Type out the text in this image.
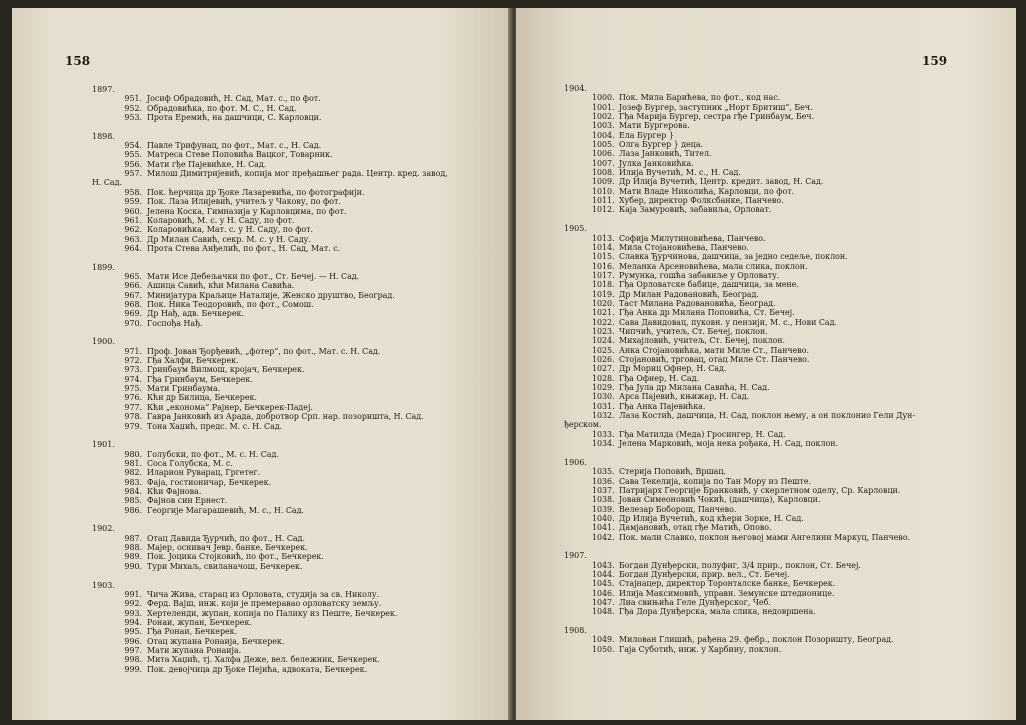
158
1897.
951. Јосиф Обрадовић, Н. Сад, Мат. с., по фот.
952. Обрадовићка, по фот. М. С., Н. Сад.
953. Прота Еремић, на дашчици, С. Карловци.
1898.
954. Павле Трифунац, по фот., Мат. с., Н. Сад.
955. Матреса Стеве Поповића Вацког, Товарник.
956. Мати гђе Пајевићке, Н. Сад.
957. Милош Димитријевић, копија мог пређашњег рада. Центр. кред. завод,
Н. Сад.
958. Пок. ћерчица др Ђоке Лазаревића, по фотографији.
959. Пок. Лаза Илијевић, учитељ у Чакову, по фот.
960. Јелена Коска, Гимназија у Карловцима, по фот.
961. Коларовић, М. с. у Н. Саду, по фот.
962. Коларовићка, Мат. с. у Н. Саду, по фот.
963. Др Милан Савић, секр. М. с. у Н. Саду.
964. Прота Стева Анђелић, по фот., Н. Сад, Мат. с.
1899.
965. Мати Исе Дебељачки по фот., Ст. Бечеј. — Н. Сад.
966. Ашица Савић, кћи Милана Савића.
967. Минијатура Краљице Наталије, Женско друштво, Београд.
968. Пок. Ника Теодоровић, по фот., Сомош.
969. Др Нађ, адв. Бечкерек.
970. Госпођа Нађ.
1900.
971. Проф. Јован Ђорђевић, „фотер“, по фот., Мат. с. Н. Сад.
972. Гђа Халфи, Бечкерек.
973. Гринбаум Вилмош, кројач, Бечкерек.
974. Гђа Гринбаум, Бечкерек.
975. Мати Гринбаума.
976. Кћи др Билица, Бечкерек.
977. Кћи „економа“ Рајнер, Бечкерек-Падеј.
978. Гавра Јанковић из Арада, добротвор Срп. нар. позоришта, Н. Сад.
979. Тона Хаџић, предс. М. с. Н. Сад.
1901.
980. Голубски, по фот., М. с. Н. Сад.
981. Соса Голубска, М. с.
982. Иларион Руварац, Гргетег.
983. Фаја, гостионичар, Бечкерек.
984. Кћи Фајнова.
985. Фајнов син Ернест.
986. Георгије Магарашевић, М. с., Н. Сад.
1902.
987. Отац Давида Ђурчић, по фот., Н. Сад.
988. Мајер, оснивач Јевр. банке, Бечкерек.
989. Пок. Јоцика Стојковић, по фот., Бечкерек.
990. Тури Михаљ, свиланачош, Бечкерек.
1903.
991. Чича Жива, старац из Орловата, студија за св. Николу.
992. Ферд. Вајш, инж. који је премеравао орловатску земљу.
993. Хертеленди, жупан, копија по Палику из Пеште, Бечкерек.
994. Ронаи, жупан, Бечкерек.
995. Гђа Ронаи, Бечкерек.
996. Отац жупана Ронаија, Бечкерек.
997. Мати жупана Ронаија.
998. Мита Хаџић, тј. Халфа Деже, вел. бележник, Бечкерек.
999. Пок. девојчица др Ђоке Пејића, адвоката, Бечкерек.
159
1904.
1000. Пок. Мила Барићева, по фот., код нас.
1001. Јозеф Бургер, заступник „Норт Бритиш“, Беч.
1002. Гђа Марија Бургер, сестра гђе Гринбаум, Беч.
1003. Мати Бургерова.
1004. Ела Бургер }
1005. Олга Бургер } деца.
1006. Лаза Јанковић, Тител.
1007. Јулка Јанковићка.
1008. Илија Вучетић, М. с., Н. Сад.
1009. Др Илија Вучетић, Центр. кредит. завод, Н. Сад.
1010. Мати Владе Николића, Карловци, по фот.
1011. Хубер, директор Фолксбанке, Панчево.
1012. Каја Замуровић, забавиља, Орловат.
1905.
1013. Софија Милутиновићева, Панчево.
1014. Мила Стојановићева, Панчево.
1015. Славка Ђурчинова, дашчица, за једно седеље, поклон.
1016. Меланка Арсеновићева, мала слика, поклон.
1017. Румунка, гошћа забавиље у Орловату.
1018. Гђа Орловатске бабице, дашчица, за мене.
1019. Др Милан Радовановић, Београд.
1020. Таст Милана Радовановића, Београд.
1021. Гђа Анка др Милана Поповића, Ст. Бечеј.
1022. Сава Давидовац, пуковн. у пензији, М. с., Нови Сад.
1023. Чипчић, учитељ, Ст. Бечеј, поклон.
1024. Михајловић, учитељ, Ст. Бечеј, поклон.
1025. Анка Стојановићка, мати Миле Ст., Панчево.
1026. Стојановић, трговац, отац Миле Ст. Панчево.
1027. Др Мориц Офнер, Н. Сад.
1028. Гђа Офнер, Н. Сад.
1029. Гђа Јула др Милана Савића, Н. Сад.
1030. Арса Пајевић, књижар, Н. Сад.
1031. Гђа Анка Пајевићка.
1032. Лаза Костић, дашчица, Н. Сад, поклон њему, а он поклонио Гели Дун-
ђерском.
1033. Гђа Матилда (Меда) Гросингер, Н. Сад.
1034. Јелена Марковић, моја нека рођака, Н. Сад, поклон.
1906.
1035. Стерија Поповић, Вршац.
1036. Сава Текелија, копија по Тан Мору из Пеште.
1037. Патријарх Георгије Бранковић, у скерлетном оделу, Ср. Карловци.
1038. Јован Симеоновић Чокић, (дашчица), Карловци.
1039. Велезар Боборош, Панчево.
1040. Др Илија Вучетић, код кћери Зорке, Н. Сад.
1041. Дамјановић, отац гђе Матић, Опово.
1042. Пок. мали Славко, поклон његовој мами Ангелини Маркуц, Панчево.
1907.
1043. Богдан Дунђерски, полуфиг, 3/4 прир., поклон, Ст. Бечеј.
1044. Богдан Дунђерски, прир. вел., Ст. Бечеј.
1045. Стајнацер, директор Торонталске банке, Бечкерек.
1046. Илија Максимовић, управн. Земунске штедионице.
1047. Лиа свињића Геле Дунђерског, Чеб.
1048. Гђа Дора Дунђерска, мала слика, недовршена.
1908.
1049. Милован Глишић, рађена 29. фебр., поклон Позоришту, Београд.
1050. Гаја Суботић, инж. у Харбину, поклон.
